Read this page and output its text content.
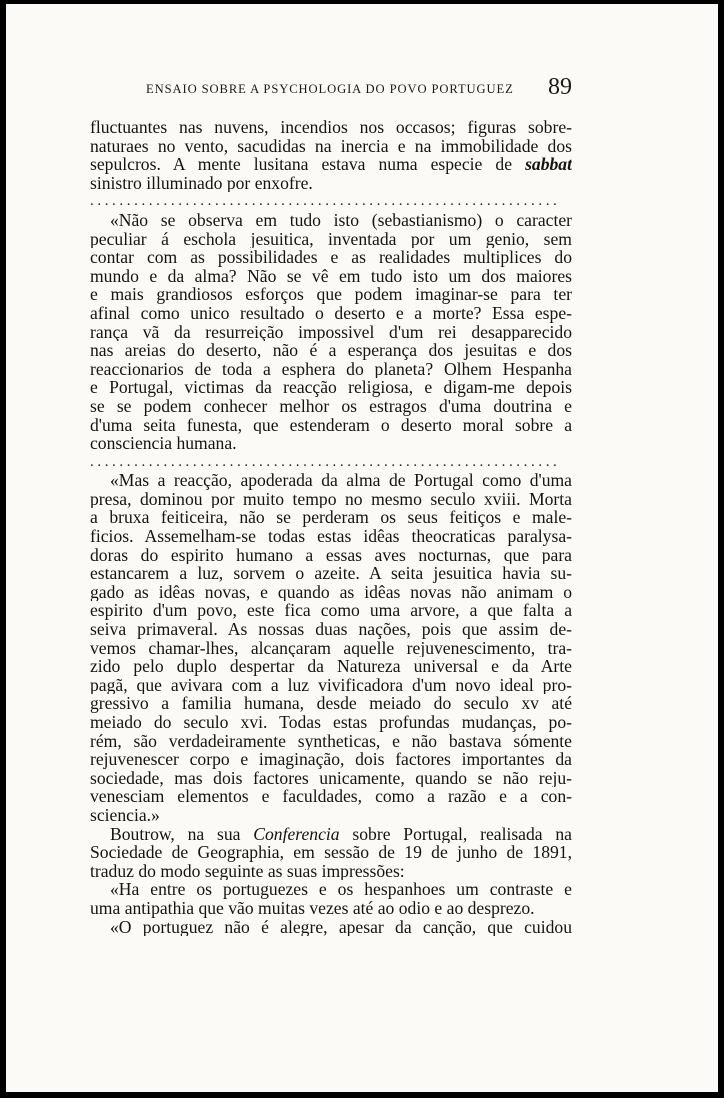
ENSAIO SOBRE A PSYCHOLOGIA DO POVO PORTUGUEZ 89
fluctuantes nas nuvens, incendios nos occasos; figuras sobre-
naturaes no vento, sacudidas na inercia e na immobilidade dos
sepulcros. A mente lusitana estava numa especie de sabbat
sinistro illuminado por enxofre.
................................................................
«Não se observa em tudo isto (sebastianismo) o caracter
peculiar á eschola jesuitica, inventada por um genio, sem
contar com as possibilidades e as realidades multiplices do
mundo e da alma? Não se vê em tudo isto um dos maiores
e mais grandiosos esforços que podem imaginar-se para ter
afinal como unico resultado o deserto e a morte? Essa espe-
rança vã da resurreição impossivel d'um rei desapparecido
nas areias do deserto, não é a esperança dos jesuitas e dos
reaccionarios de toda a esphera do planeta? Olhem Hespanha
e Portugal, victimas da reacção religiosa, e digam-me depois
se se podem conhecer melhor os estragos d'uma doutrina e
d'uma seita funesta, que estenderam o deserto moral sobre a
consciencia humana.
................................................................
«Mas a reacção, apoderada da alma de Portugal como d'uma
presa, dominou por muito tempo no mesmo seculo xviii. Morta
a bruxa feiticeira, não se perderam os seus feitiços e male-
ficios. Assemelham-se todas estas idêas theocraticas paralysa-
doras do espirito humano a essas aves nocturnas, que para
estancarem a luz, sorvem o azeite. A seita jesuitica havia su-
gado as idêas novas, e quando as idêas novas não animam o
espirito d'um povo, este fica como uma arvore, a que falta a
seiva primaveral. As nossas duas nações, pois que assim de-
vemos chamar-lhes, alcançaram aquelle rejuvenescimento, tra-
zido pelo duplo despertar da Natureza universal e da Arte
pagã, que avivara com a luz vivificadora d'um novo ideal pro-
gressivo a familia humana, desde meiado do seculo xv até
meiado do seculo xvi. Todas estas profundas mudanças, po-
rém, são verdadeiramente syntheticas, e não bastava sómente
rejuvenescer corpo e imaginação, dois factores importantes da
sociedade, mas dois factores unicamente, quando se não reju-
venesciam elementos e faculdades, como a razão e a con-
sciencia.»
Boutrow, na sua Conferencia sobre Portugal, realisada na
Sociedade de Geographia, em sessão de 19 de junho de 1891,
traduz do modo seguinte as suas impressões:
«Ha entre os portuguezes e os hespanhoes um contraste e
uma antipathia que vão muitas vezes até ao odio e ao desprezo.
«O portuguez não é alegre, apesar da canção, que cuidou
